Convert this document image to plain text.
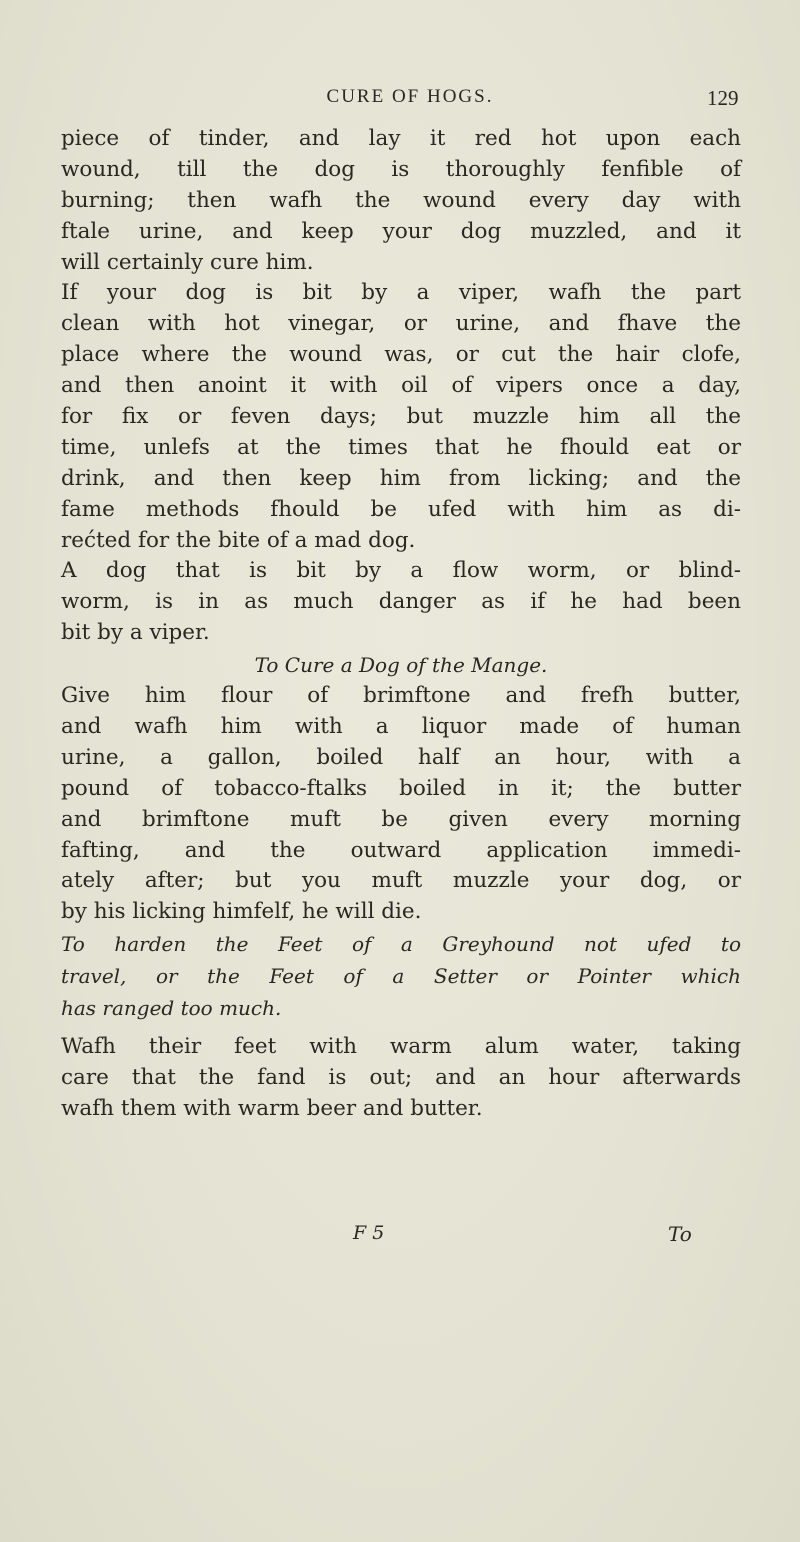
CURE OF HOGS.	129
piece of tinder, and lay it red hot upon each
wound, till the dog is thoroughly fenfible of
burning; then wafh the wound every day with
ftale urine, and keep your dog muzzled, and it
will certainly cure him.
If your dog is bit by a viper, wafh the part
clean with hot vinegar, or urine, and fhave the
place where the wound was, or cut the hair clofe,
and then anoint it with oil of vipers once a day,
for fix or feven days; but muzzle him all the
time, unlefs at the times that he fhould eat or
drink, and then keep him from licking; and the
fame methods fhould be ufed with him as di-
rećted for the bite of a mad dog.
A dog that is bit by a flow worm, or blind-
worm, is in as much danger as if he had been
bit by a viper.
To Cure a Dog of the Mange.
Give him flour of brimftone and frefh butter,
and wafh him with a liquor made of human
urine, a gallon, boiled half an hour, with a
pound of tobacco-ftalks boiled in it; the butter
and brimftone muft be given every morning
fafting, and the outward application immedi-
ately after; but you muft muzzle your dog, or
by his licking himfelf, he will die.
To harden the Feet of a Greyhound not ufed to
travel, or the Feet of a Setter or Pointer which
has ranged too much.
Wafh their feet with warm alum water, taking
care that the fand is out; and an hour afterwards
wafh them with warm beer and butter.
F 5	To
